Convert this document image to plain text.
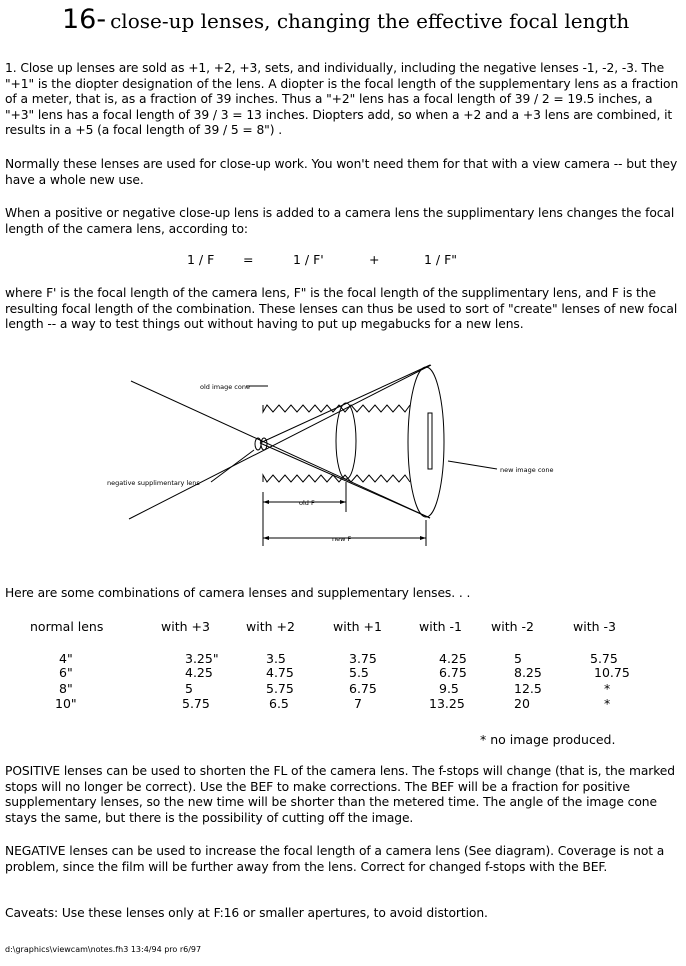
16- close-up lenses, changing the effective focal length
1. Close up lenses are sold as +1, +2, +3, sets, and individually, including the negative lenses -1, -2, -3. The "+1" is the diopter designation of the lens. A diopter is the focal length of the supplementary lens as a fraction of a meter, that is, as a fraction of 39 inches. Thus a "+2" lens has a focal length of 39 / 2 = 19.5 inches, a "+3" lens has a focal length of 39 / 3 = 13 inches. Diopters add, so when a +2 and a +3 lens are combined, it results in a +5 (a focal length of 39 / 5 = 8") .
Normally these lenses are used for close-up work. You won't need them for that with a view camera -- but they have a whole new use.
When a positive or negative close-up lens is added to a camera lens the supplimentary lens changes the focal length of the camera lens, according to:
1 / F =	1 / F'	+	1 / F"
where F' is the focal length of the camera lens, F" is the focal length of the supplimentary lens, and F is the resulting focal length of the combination. These lenses can thus be used to sort of "create" lenses of new focal length -- a way to test things out without having to put up megabucks for a new lens.
old image cone
negative supplimentary lens
new image cone
old F
new F
Here are some combinations of camera lenses and supplementary lenses. . .
normal lens	with +3	with +2	with +1	with -1 with -2	with -3
4"	3.25"	3.5	3.75	4.25	5	5.75
6"	4.25	4.75	5.5	6.75	8.25	10.75
8"	5	5.75	6.75	9.5	12.5	*
10"	5.75	6.5	7	13.25	20	*
* no image produced.
POSITIVE lenses can be used to shorten the FL of the camera lens. The f-stops will change (that is, the marked stops will no longer be correct). Use the BEF to make corrections. The BEF will be a fraction for positive supplementary lenses, so the new time will be shorter than the metered time. The angle of the image cone stays the same, but there is the possibility of cutting off the image.
NEGATIVE lenses can be used to increase the focal length of a camera lens (See diagram). Coverage is not a problem, since the film will be further away from the lens. Correct for changed f-stops with the BEF.
Caveats: Use these lenses only at F:16 or smaller apertures, to avoid distortion.
d:\graphics\viewcam\notes.fh3 13:4/94 pro r6/97
